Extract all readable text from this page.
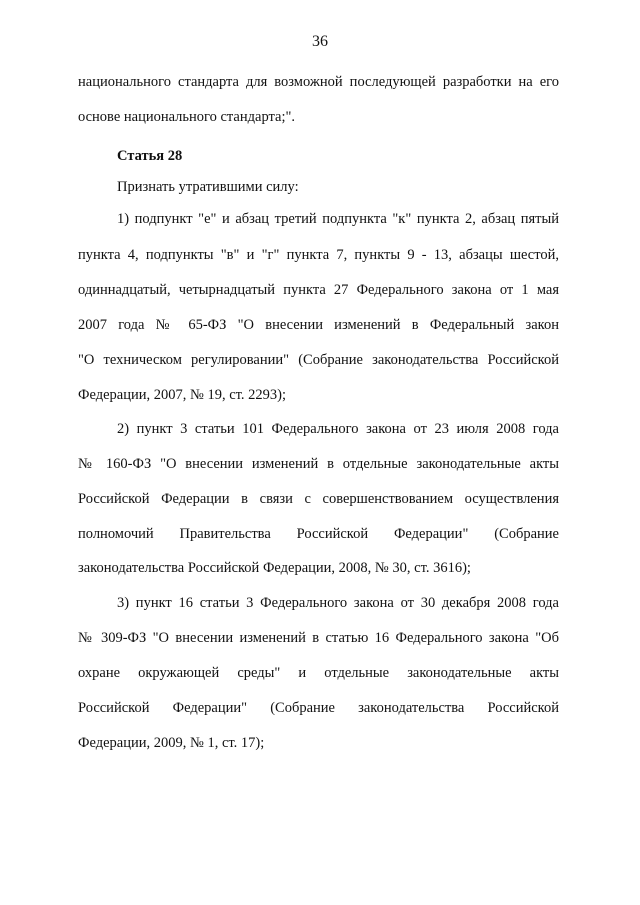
36

национального стандарта для возможной последующей разработки на его

основе национального стандарта;".

Статья 28

Признать утратившими силу:

1) подпункт "е" и абзац третий подпункта "к" пункта 2, абзац пятый

пункта 4, подпункты "в" и "г" пункта 7, пункты 9 - 13, абзацы шестой,

одиннадцатый, четырнадцатый пункта 27 Федерального закона от 1 мая

2007 года № 65-ФЗ "О внесении изменений в Федеральный закон

"О техническом регулировании" (Собрание законодательства Российской

Федерации, 2007, № 19, ст. 2293);

2) пункт 3 статьи 101 Федерального закона от 23 июля 2008 года

№ 160-ФЗ "О внесении изменений в отдельные законодательные акты

Российской Федерации в связи с совершенствованием осуществления

полномочий Правительства Российской Федерации" (Собрание

законодательства Российской Федерации, 2008, № 30, ст. 3616);

3) пункт 16 статьи 3 Федерального закона от 30 декабря 2008 года

№ 309-ФЗ "О внесении изменений в статью 16 Федерального закона "Об

охране окружающей среды" и отдельные законодательные акты

Российской Федерации" (Собрание законодательства Российской

Федерации, 2009, № 1, ст. 17);
